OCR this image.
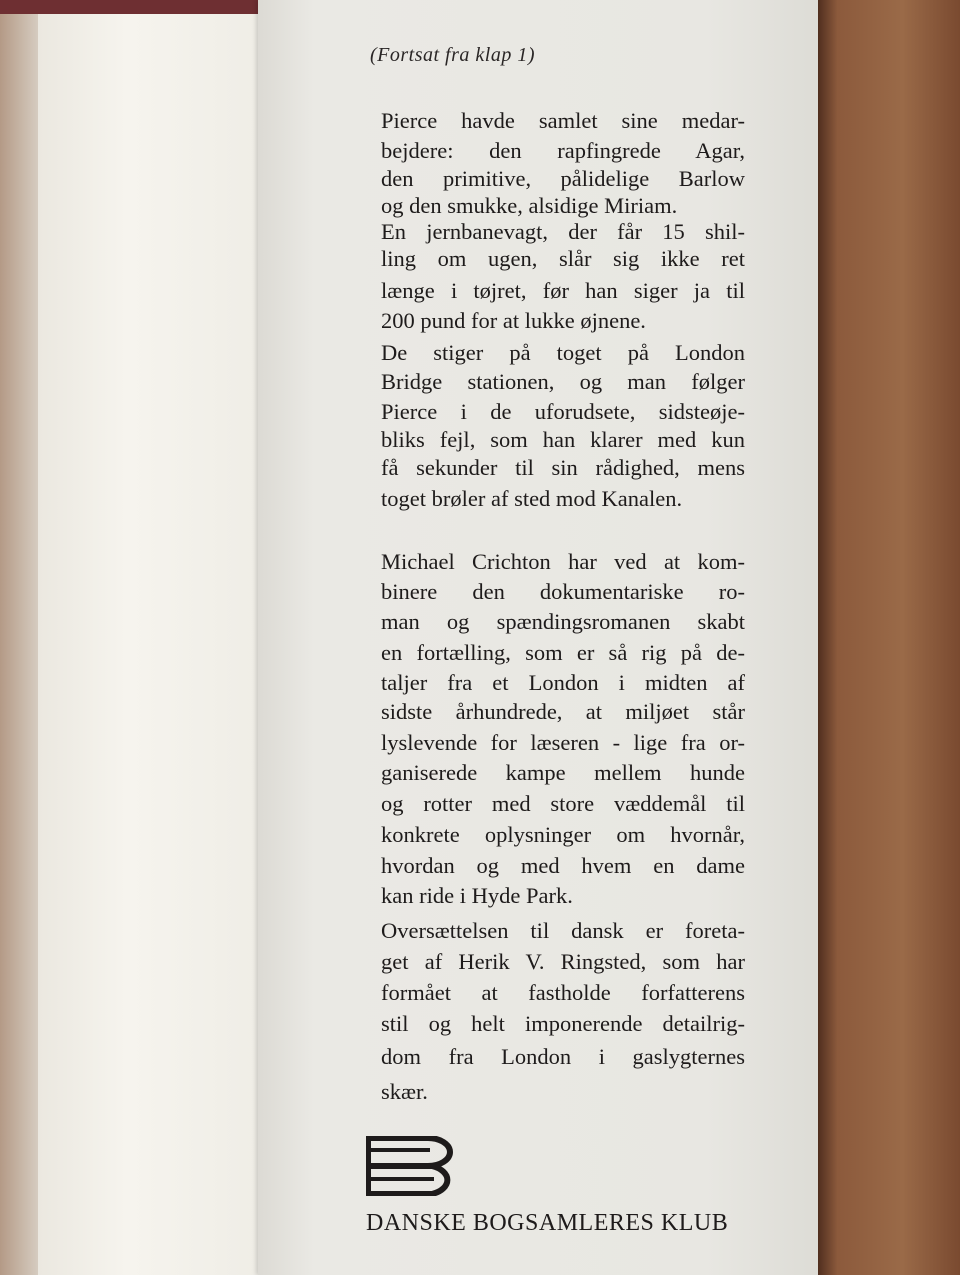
(Fortsat fra klap 1)
Pierce havde samlet sine medar-
bejdere: den rapfingrede Agar,
den primitive, pålidelige Barlow
og den smukke, alsidige Miriam.
En jernbanevagt, der får 15 shil-
ling om ugen, slår sig ikke ret
længe i tøjret, før han siger ja til
200 pund for at lukke øjnene.
De stiger på toget på London
Bridge stationen, og man følger
Pierce i de uforudsete, sidsteøje-
bliks fejl, som han klarer med kun
få sekunder til sin rådighed, mens
toget brøler af sted mod Kanalen.
Michael Crichton har ved at kom-
binere den dokumentariske ro-
man og spændingsromanen skabt
en fortælling, som er så rig på de-
taljer fra et London i midten af
sidste århundrede, at miljøet står
lyslevende for læseren - lige fra or-
ganiserede kampe mellem hunde
og rotter med store væddemål til
konkrete oplysninger om hvornår,
hvordan og med hvem en dame
kan ride i Hyde Park.
Oversættelsen til dansk er foreta-
get af Herik V. Ringsted, som har
formået at fastholde forfatterens
stil og helt imponerende detailrig-
dom fra London i gaslygternes
skær.
DANSKE BOGSAMLERES KLUB
